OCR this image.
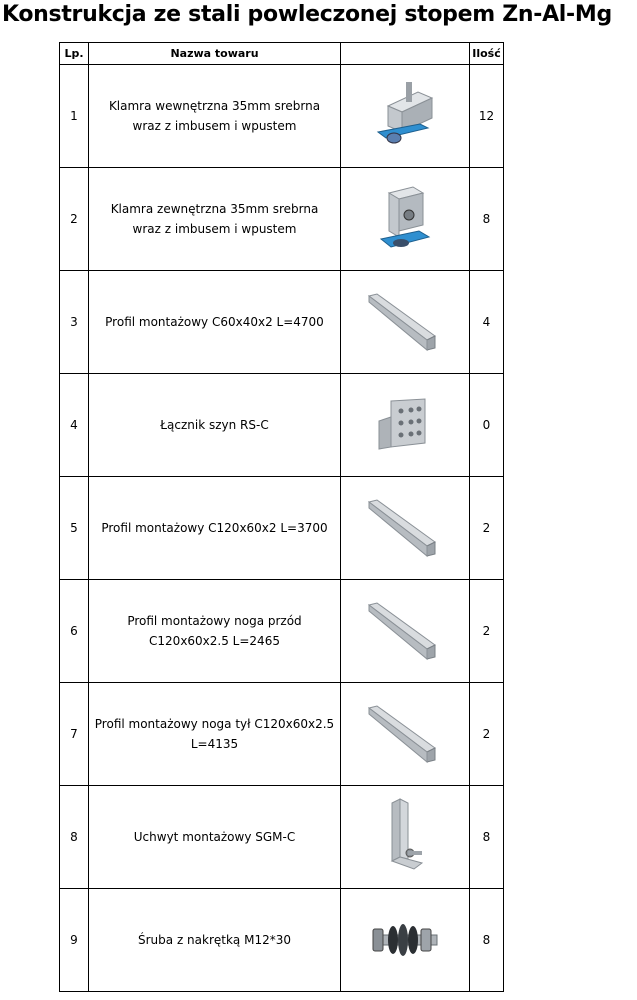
Konstrukcja ze stali powleczonej stopem Zn-Al-Mg
Lp.	Nazwa towaru		Ilość
1	Klamra wewnętrzna 35mm srebrna
wraz z imbusem i wpustem		12
2	Klamra zewnętrzna 35mm srebrna
wraz z imbusem i wpustem		8
3	Profil montażowy C60x40x2 L=4700		4
4	Łącznik szyn RS-C		0
5	Profil montażowy C120x60x2 L=3700		2
6	Profil montażowy noga przód
C120x60x2.5 L=2465		2
7	Profil montażowy noga tył C120x60x2.5
L=4135		2
8	Uchwyt montażowy SGM-C		8
9	Śruba z nakrętką M12*30		8
